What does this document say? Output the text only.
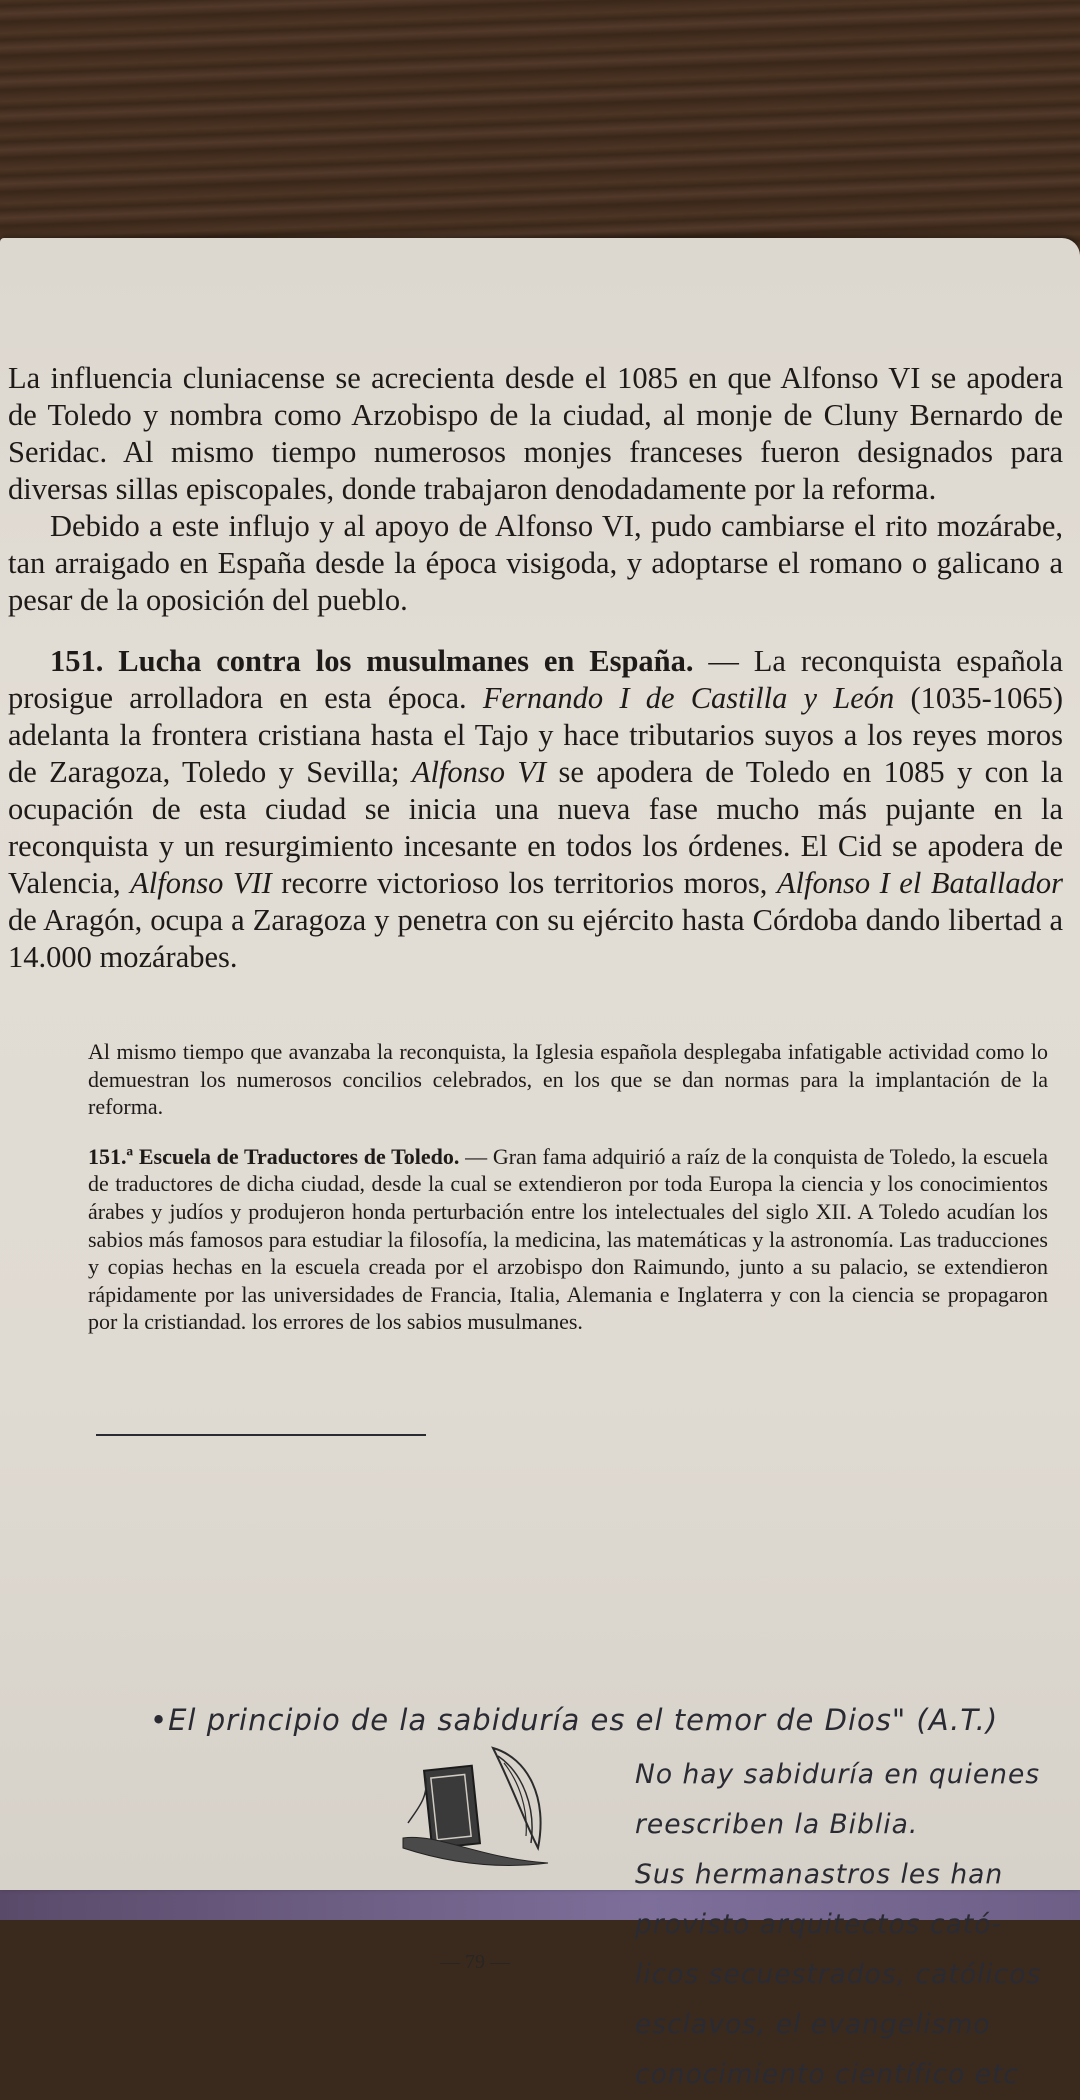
La influencia cluniacense se acrecienta desde el 1085 en que Alfonso VI se apodera de Toledo y nombra como Arzobispo de la ciudad, al monje de Cluny Bernardo de Seridac. Al mismo tiempo numerosos monjes franceses fueron designados para diversas sillas episcopales, donde trabajaron denodadamente por la reforma.

Debido a este influjo y al apoyo de Alfonso VI, pudo cambiarse el rito mozárabe, tan arraigado en España desde la época visigoda, y adoptarse el romano o galicano a pesar de la oposición del pueblo.

151. Lucha contra los musulmanes en España. — La reconquista española prosigue arrolladora en esta época. Fernando I de Castilla y León (1035-1065) adelanta la frontera cristiana hasta el Tajo y hace tributarios suyos a los reyes moros de Zaragoza, Toledo y Sevilla; Alfonso VI se apodera de Toledo en 1085 y con la ocupación de esta ciudad se inicia una nueva fase mucho más pujante en la reconquista y un resurgimiento incesante en todos los órdenes. El Cid se apodera de Valencia, Alfonso VII recorre victorioso los territorios moros, Alfonso I el Batallador de Aragón, ocupa a Zaragoza y penetra con su ejército hasta Córdoba dando libertad a 14.000 mozárabes.

Al mismo tiempo que avanzaba la reconquista, la Iglesia española desplegaba infatigable actividad como lo demuestran los numerosos concilios celebrados, en los que se dan normas para la implantación de la reforma.

151.ª Escuela de Traductores de Toledo. — Gran fama adquirió a raíz de la conquista de Toledo, la escuela de traductores de dicha ciudad, desde la cual se extendieron por toda Europa la ciencia y los conocimientos árabes y judíos y produjeron honda perturbación entre los intelectuales del siglo XII. A Toledo acudían los sabios más famosos para estudiar la filosofía, la medicina, las matemáticas y la astronomía. Las traducciones y copias hechas en la escuela creada por el arzobispo don Raimundo, junto a su palacio, se extendieron rápidamente por las universidades de Francia, Italia, Alemania e Inglaterra y con la ciencia se propagaron por la cristiandad. los errores de los sabios musulmanes.

•El principio de la sabiduría es el temor de Dios" (A.T.)
No hay sabiduría en quienes
reescriben la Biblia.
Sus hermanastros les han
provisto arquitectos cató-
licos secuestrados, católicos
esclavos, el evangelismo
conocimiento científico etc
— 79 —
